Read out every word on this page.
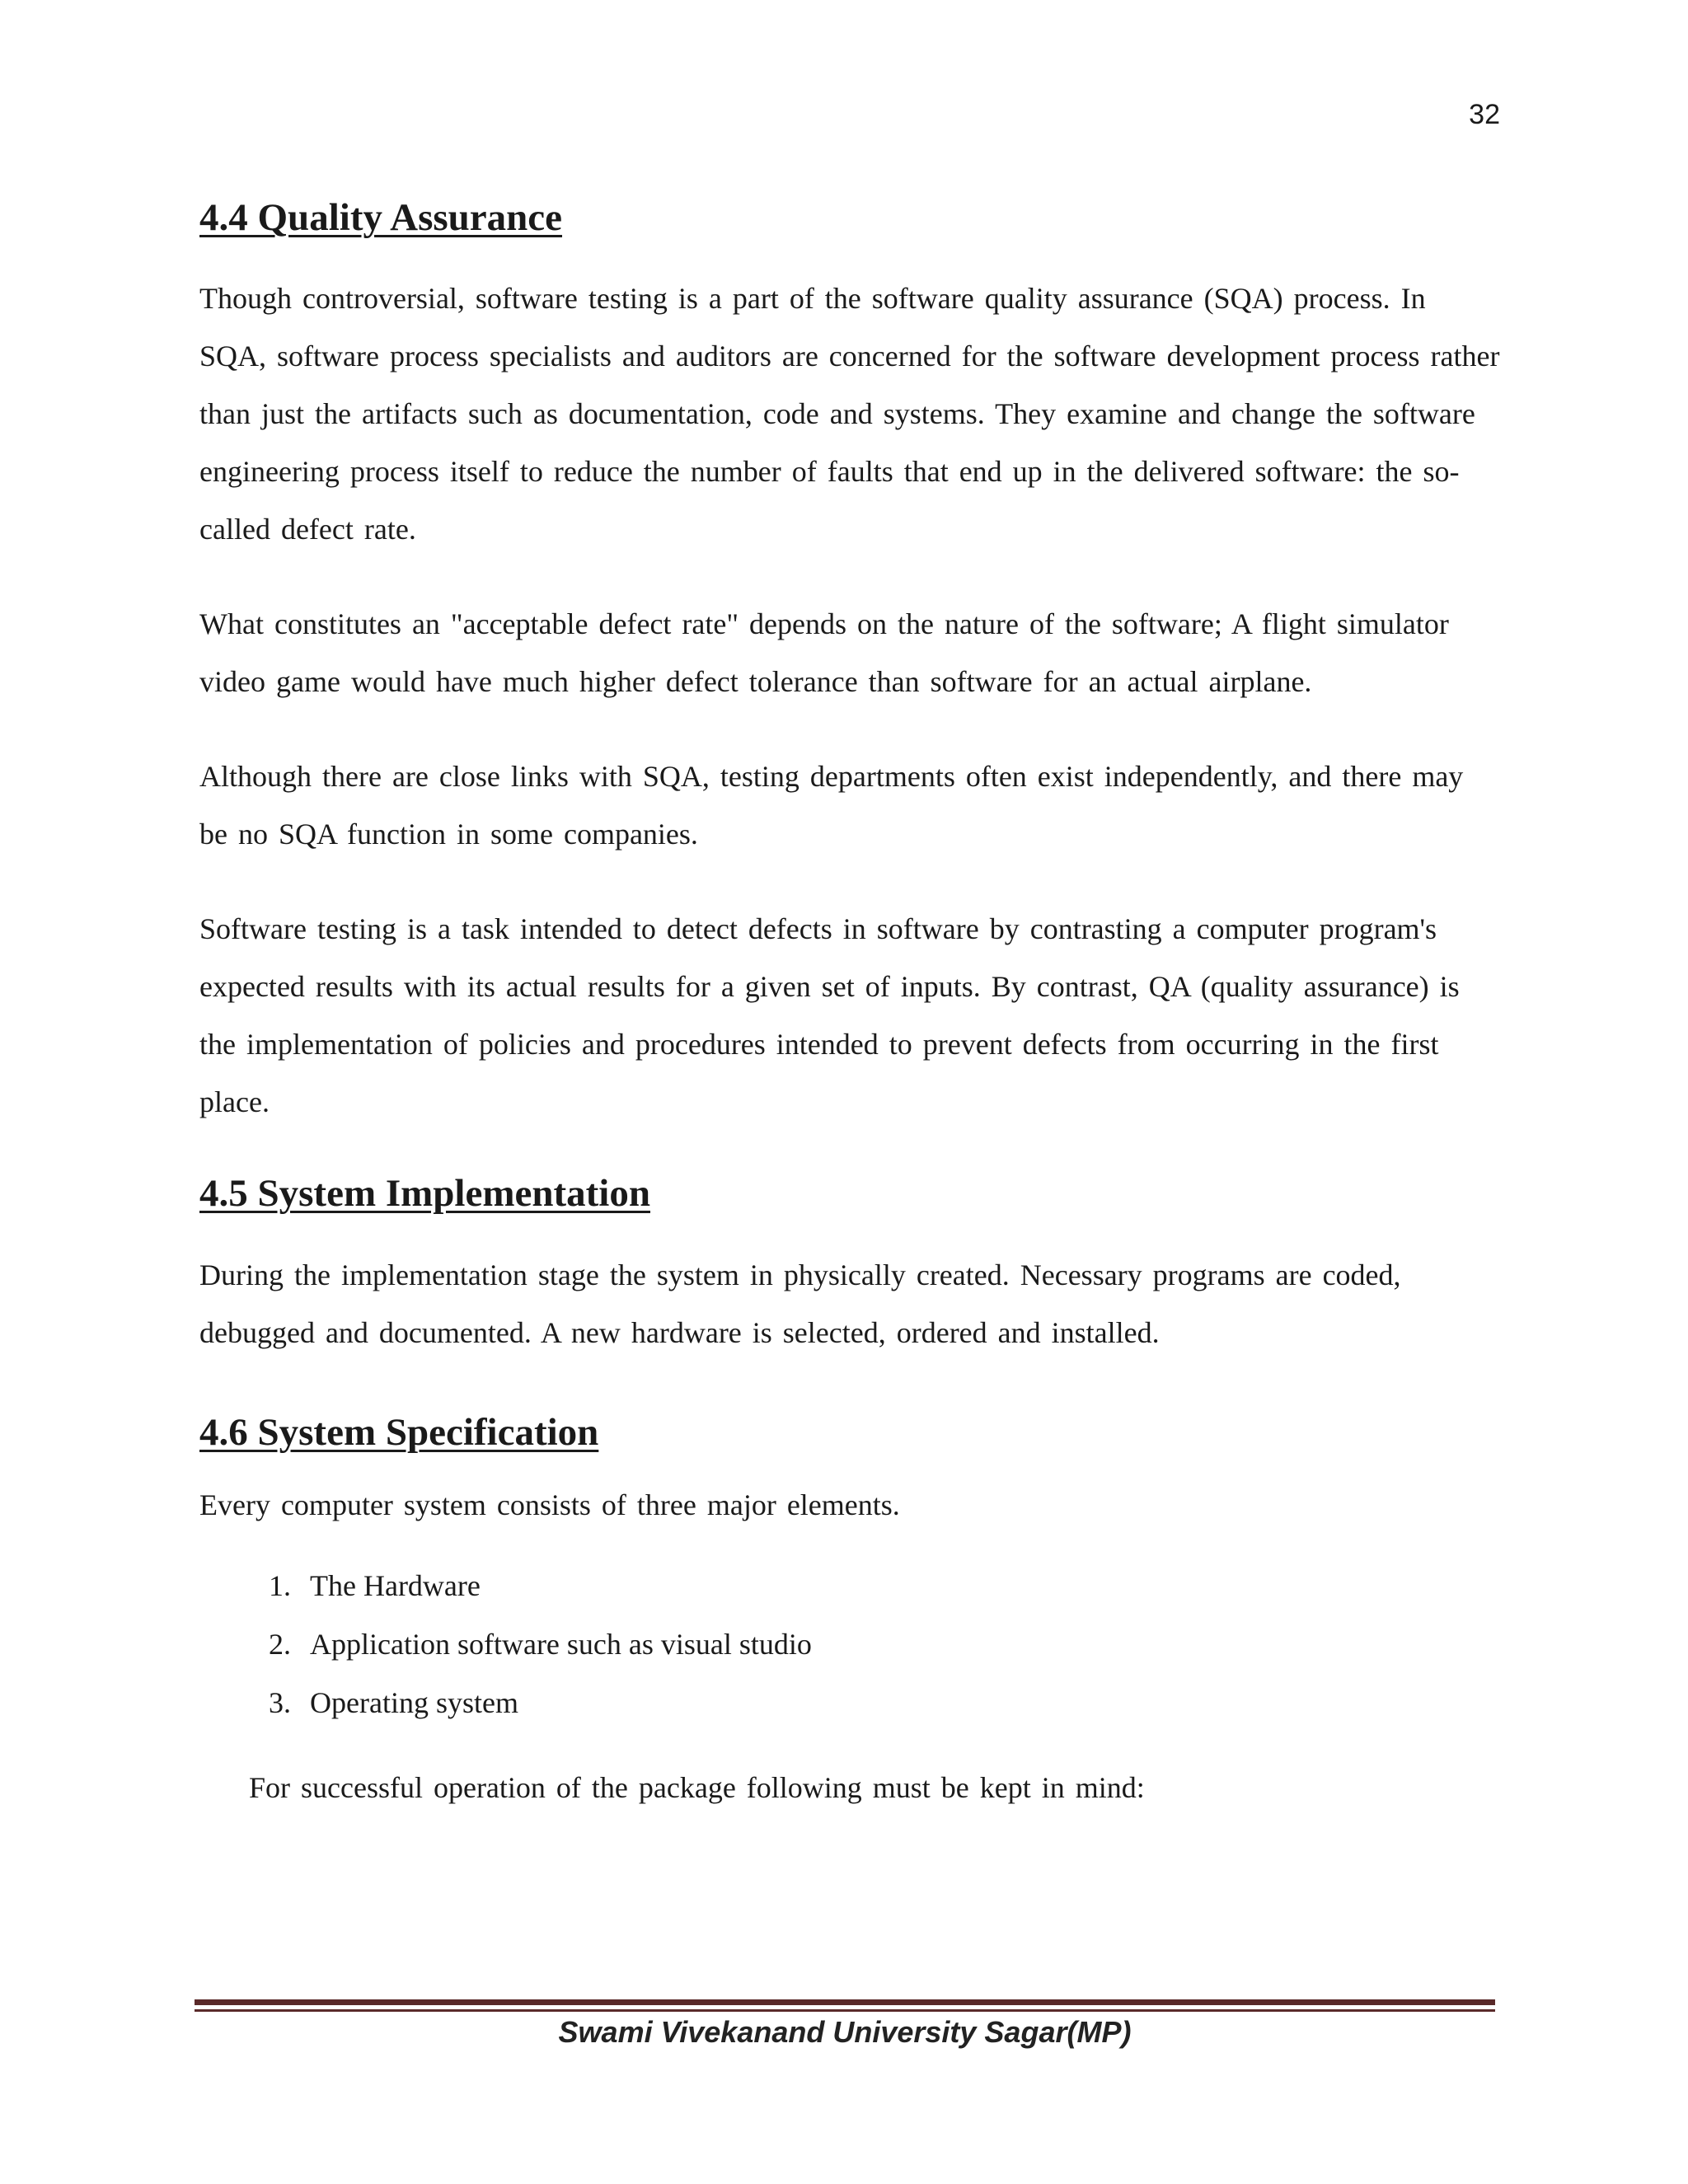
32
4.4 Quality Assurance

Though controversial, software testing is a part of the software quality assurance (SQA) process. In SQA, software process specialists and auditors are concerned for the software development process rather than just the artifacts such as documentation, code and systems. They examine and change the software engineering process itself to reduce the number of faults that end up in the delivered software: the so-called defect rate.

What constitutes an "acceptable defect rate" depends on the nature of the software; A flight simulator video game would have much higher defect tolerance than software for an actual airplane.

Although there are close links with SQA, testing departments often exist independently, and there may be no SQA function in some companies.

Software testing is a task intended to detect defects in software by contrasting a computer program's expected results with its actual results for a given set of inputs. By contrast, QA (quality assurance) is the implementation of policies and procedures intended to prevent defects from occurring in the first place.

4.5 System Implementation

During the implementation stage the system in physically created. Necessary programs are coded, debugged and documented. A new hardware is selected, ordered and installed.

4.6 System Specification

Every computer system consists of three major elements.

1. The Hardware
2. Application software such as visual studio
3. Operating system

For successful operation of the package following must be kept in mind:

Swami Vivekanand University Sagar(MP)
